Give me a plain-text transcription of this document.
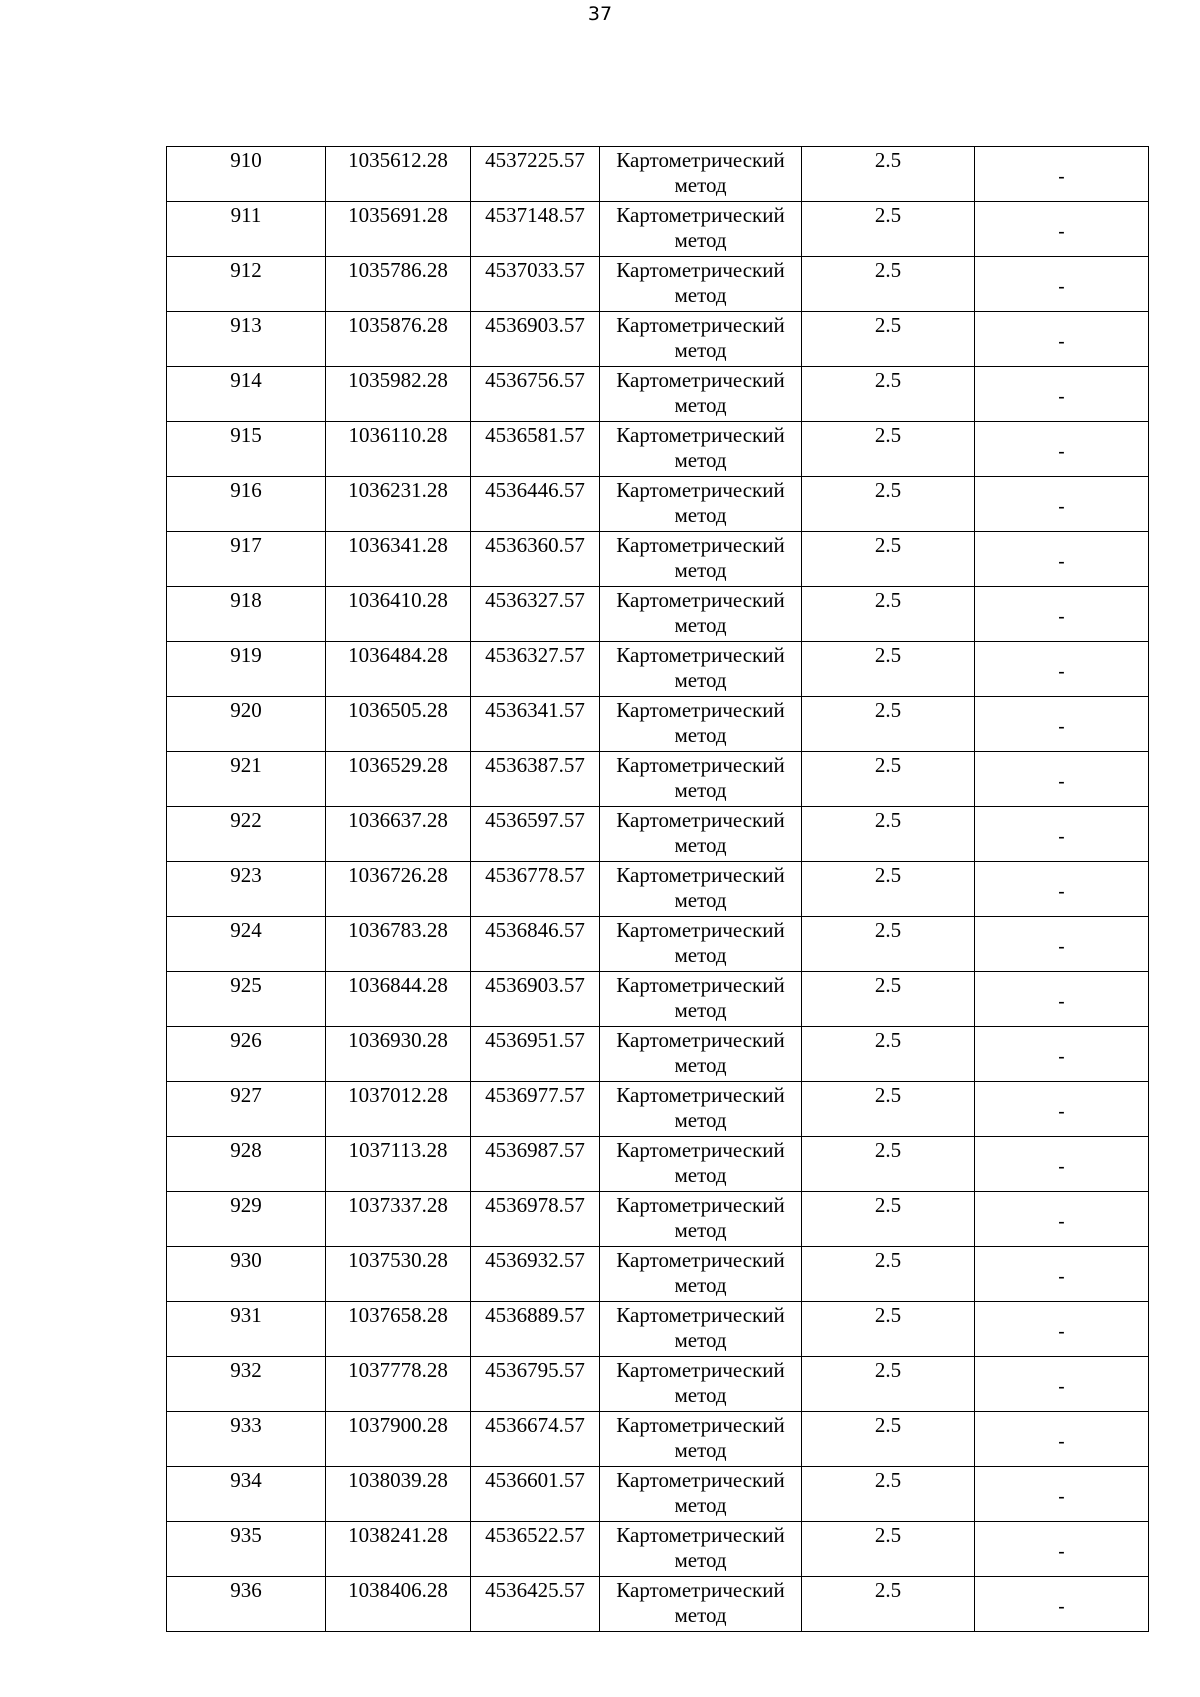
37
910	1035612.28	4537225.57	Картометрический
метод	2.5	-
911	1035691.28	4537148.57	Картометрический
метод	2.5	-
912	1035786.28	4537033.57	Картометрический
метод	2.5	-
913	1035876.28	4536903.57	Картометрический
метод	2.5	-
914	1035982.28	4536756.57	Картометрический
метод	2.5	-
915	1036110.28	4536581.57	Картометрический
метод	2.5	-
916	1036231.28	4536446.57	Картометрический
метод	2.5	-
917	1036341.28	4536360.57	Картометрический
метод	2.5	-
918	1036410.28	4536327.57	Картометрический
метод	2.5	-
919	1036484.28	4536327.57	Картометрический
метод	2.5	-
920	1036505.28	4536341.57	Картометрический
метод	2.5	-
921	1036529.28	4536387.57	Картометрический
метод	2.5	-
922	1036637.28	4536597.57	Картометрический
метод	2.5	-
923	1036726.28	4536778.57	Картометрический
метод	2.5	-
924	1036783.28	4536846.57	Картометрический
метод	2.5	-
925	1036844.28	4536903.57	Картометрический
метод	2.5	-
926	1036930.28	4536951.57	Картометрический
метод	2.5	-
927	1037012.28	4536977.57	Картометрический
метод	2.5	-
928	1037113.28	4536987.57	Картометрический
метод	2.5	-
929	1037337.28	4536978.57	Картометрический
метод	2.5	-
930	1037530.28	4536932.57	Картометрический
метод	2.5	-
931	1037658.28	4536889.57	Картометрический
метод	2.5	-
932	1037778.28	4536795.57	Картометрический
метод	2.5	-
933	1037900.28	4536674.57	Картометрический
метод	2.5	-
934	1038039.28	4536601.57	Картометрический
метод	2.5	-
935	1038241.28	4536522.57	Картометрический
метод	2.5	-
936	1038406.28	4536425.57	Картометрический
метод	2.5	-
